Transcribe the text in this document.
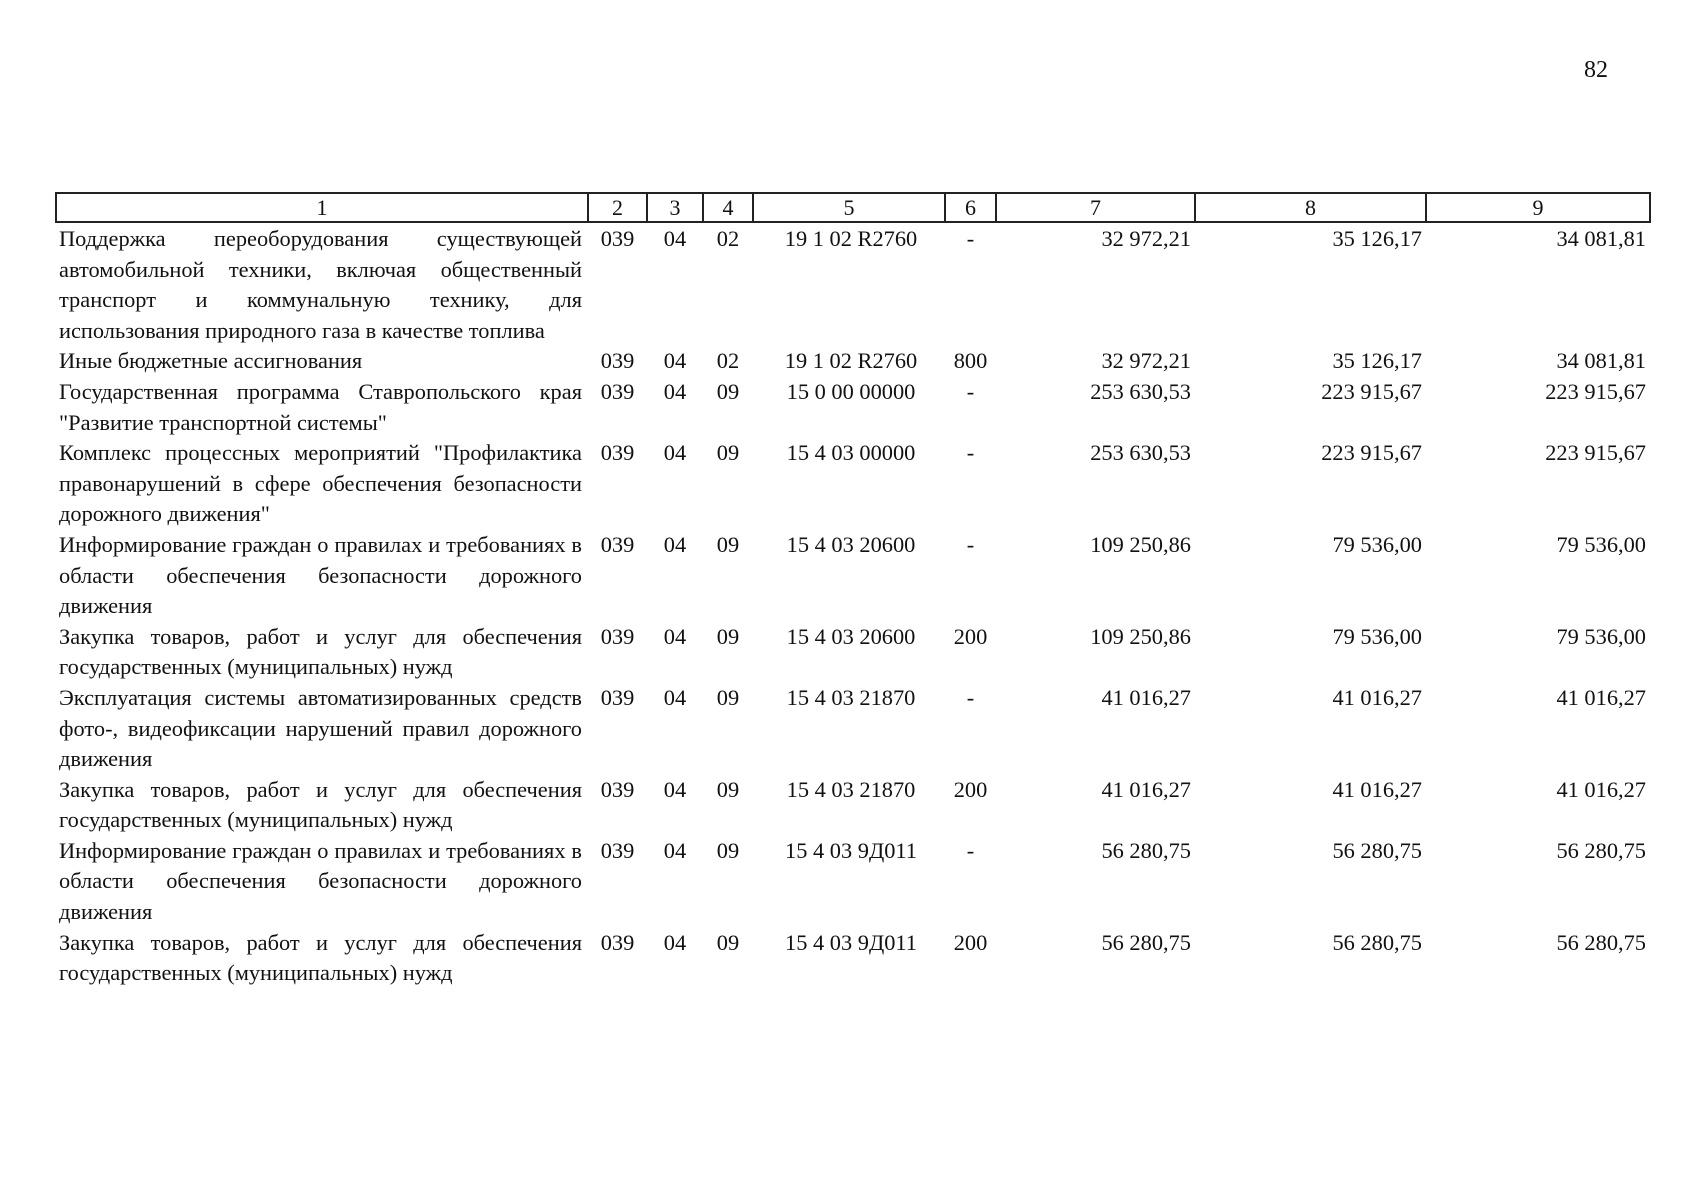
82
1	2	3	4	5	6	7	8	9
Поддержка переоборудования существующей автомобильной техники, включая общественный транспорт и коммунальную технику, для использования природного газа в качестве топлива	039	04	02	19 1 02 R2760	-	32 972,21	35 126,17	34 081,81
Иные бюджетные ассигнования	039	04	02	19 1 02 R2760	800	32 972,21	35 126,17	34 081,81
Государственная программа Ставропольского края "Развитие транспортной системы"	039	04	09	15 0 00 00000	-	253 630,53	223 915,67	223 915,67
Комплекс процессных мероприятий "Профилактика правонарушений в сфере обеспечения безопасности дорожного движения"	039	04	09	15 4 03 00000	-	253 630,53	223 915,67	223 915,67
Информирование граждан о правилах и требованиях в области обеспечения безопасности дорожного движения	039	04	09	15 4 03 20600	-	109 250,86	79 536,00	79 536,00
Закупка товаров, работ и услуг для обеспечения государственных (муниципальных) нужд	039	04	09	15 4 03 20600	200	109 250,86	79 536,00	79 536,00
Эксплуатация системы автоматизированных средств фото-, видеофиксации нарушений правил дорожного движения	039	04	09	15 4 03 21870	-	41 016,27	41 016,27	41 016,27
Закупка товаров, работ и услуг для обеспечения государственных (муниципальных) нужд	039	04	09	15 4 03 21870	200	41 016,27	41 016,27	41 016,27
Информирование граждан о правилах и требованиях в области обеспечения безопасности дорожного движения	039	04	09	15 4 03 9Д011	-	56 280,75	56 280,75	56 280,75
Закупка товаров, работ и услуг для обеспечения государственных (муниципальных) нужд	039	04	09	15 4 03 9Д011	200	56 280,75	56 280,75	56 280,75
